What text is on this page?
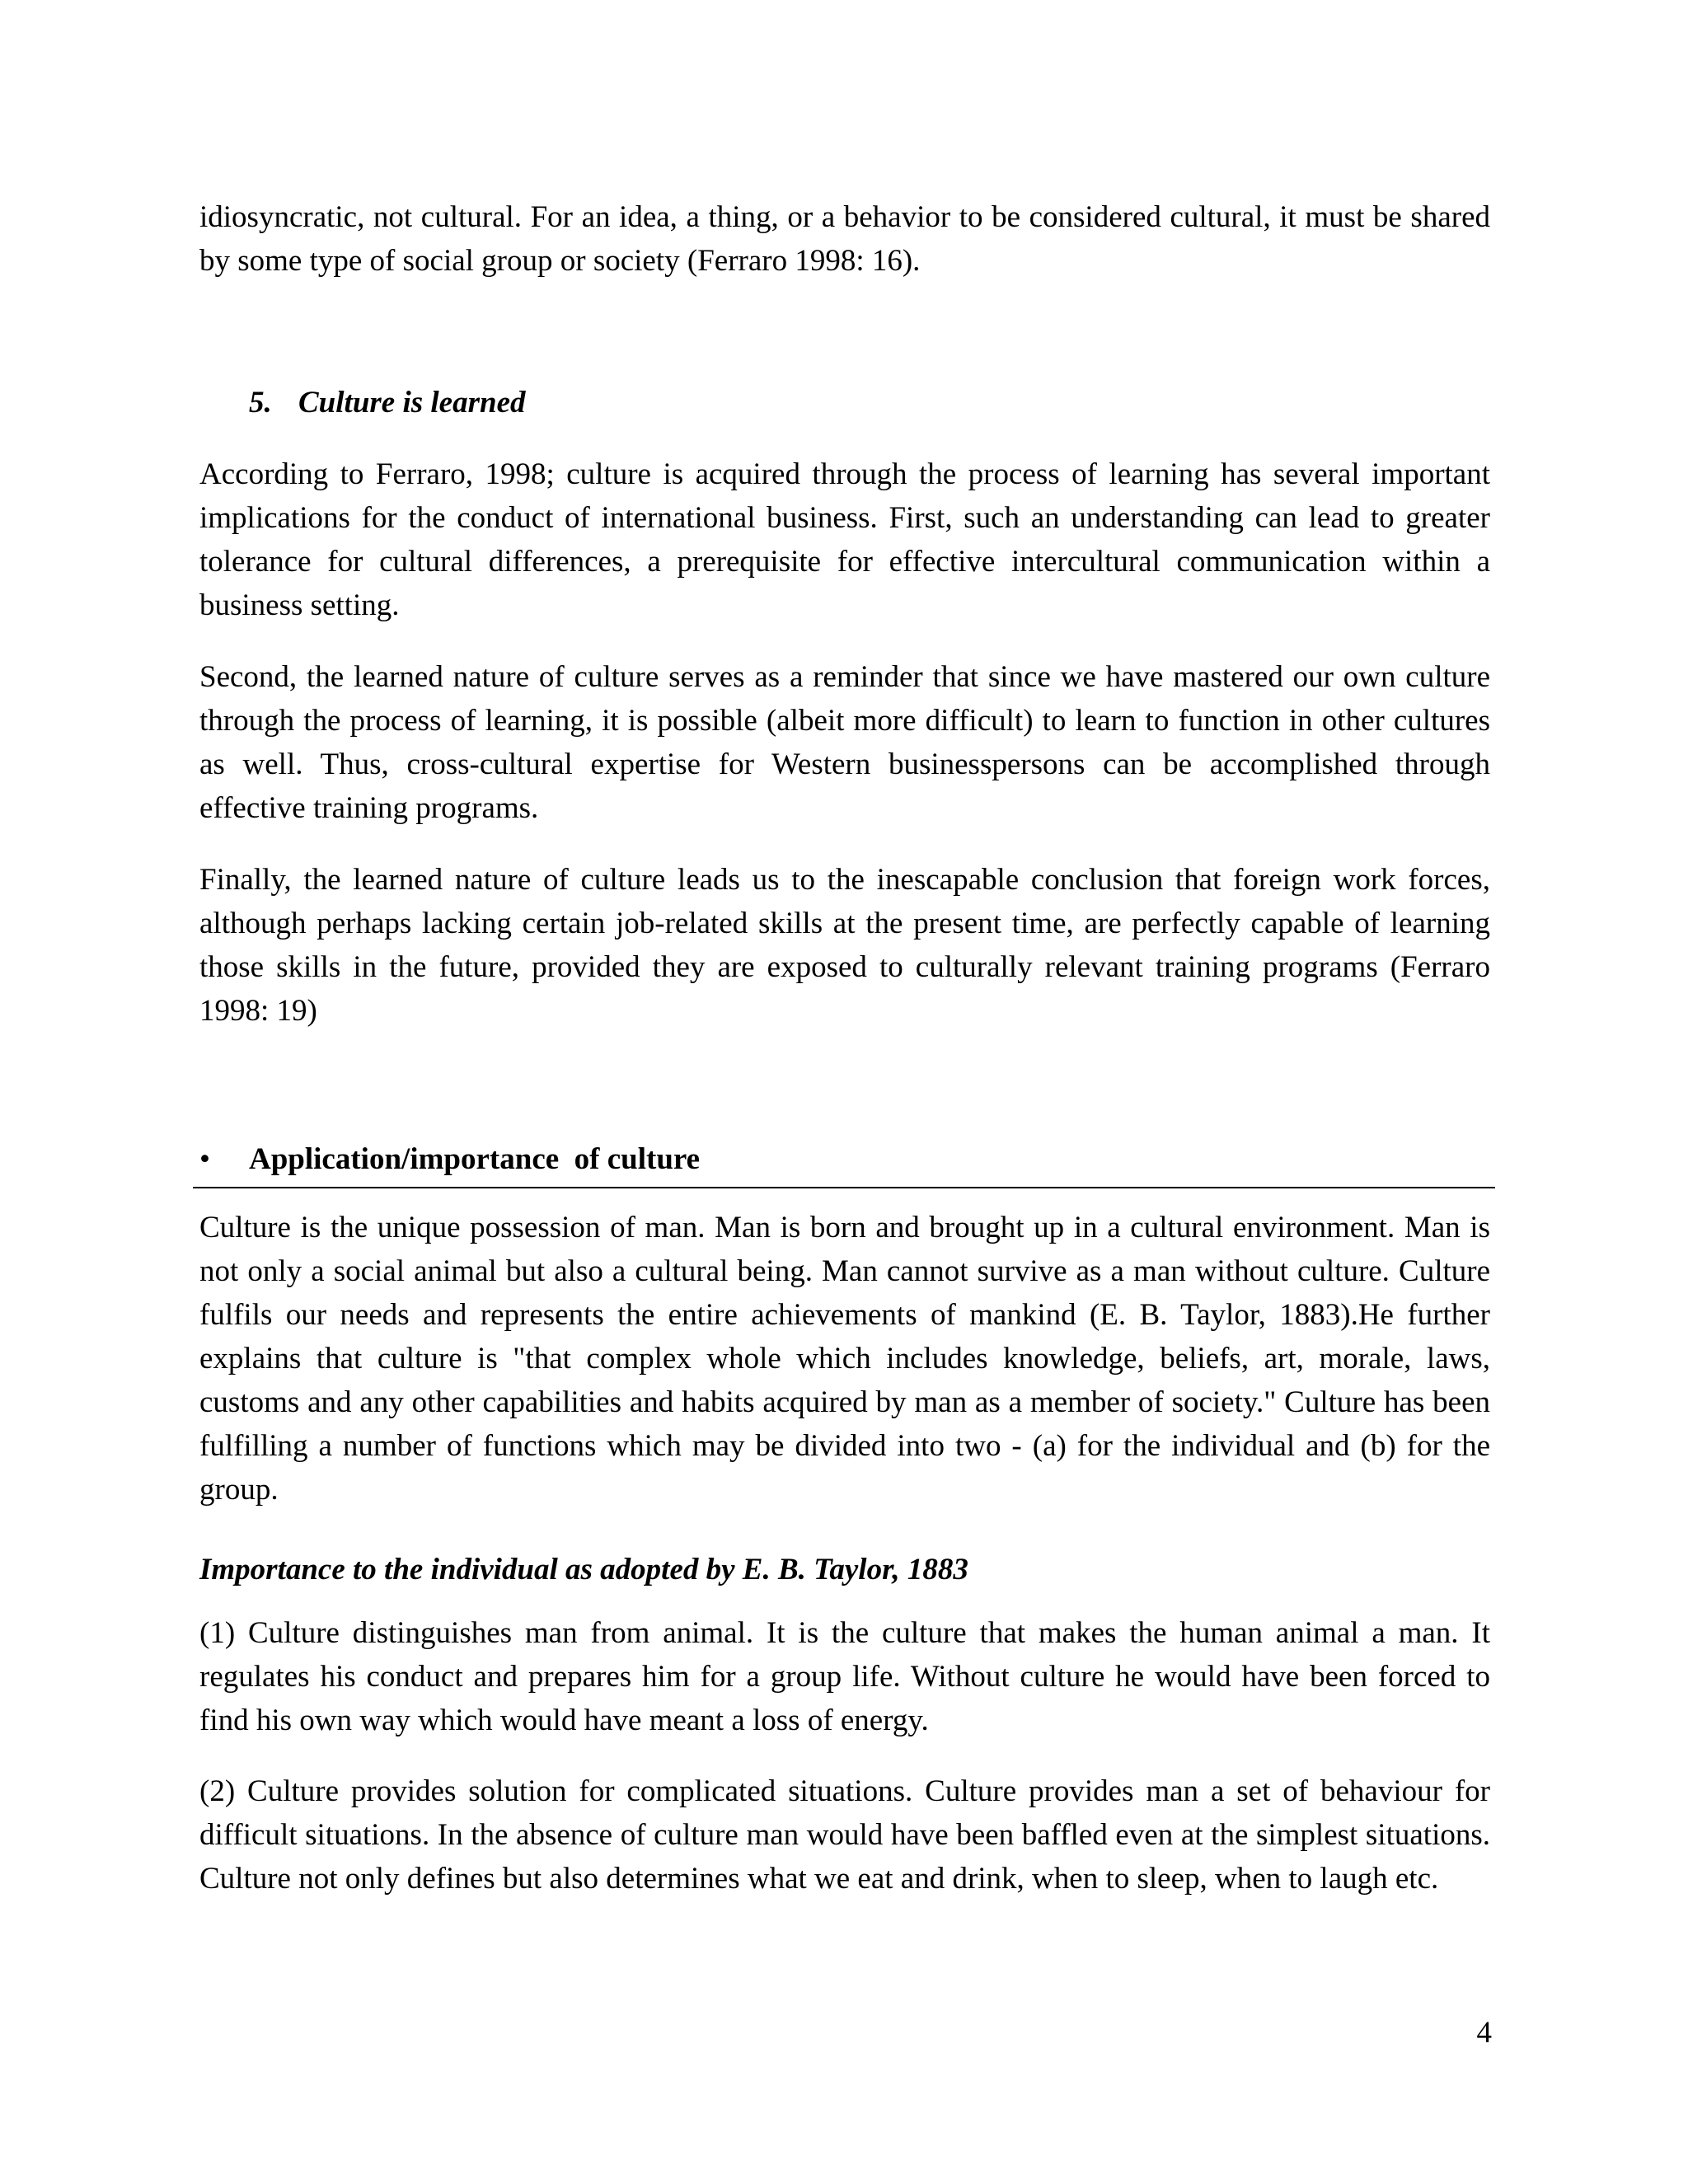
idiosyncratic, not cultural. For an idea, a thing, or a behavior to be considered cultural, it must be shared by some type of social group or society (Ferraro 1998: 16).

5. Culture is learned

According to Ferraro, 1998; culture is acquired through the process of learning has several important implications for the conduct of international business. First, such an understanding can lead to greater tolerance for cultural differences, a prerequisite for effective intercultural communication within a business setting.

Second, the learned nature of culture serves as a reminder that since we have mastered our own culture through the process of learning, it is possible (albeit more difficult) to learn to function in other cultures as well. Thus, cross-cultural expertise for Western businesspersons can be accomplished through effective training programs.

Finally, the learned nature of culture leads us to the inescapable conclusion that foreign work forces, although perhaps lacking certain job-related skills at the present time, are perfectly capable of learning those skills in the future, provided they are exposed to culturally relevant training programs (Ferraro 1998: 19)

• Application/importance  of culture

Culture is the unique possession of man. Man is born and brought up in a cultural environment. Man is not only a social animal but also a cultural being. Man cannot survive as a man without culture. Culture fulfils our needs and represents the entire achievements of mankind (E. B. Taylor, 1883).He further explains that culture is "that complex whole which includes knowledge, beliefs, art, morale, laws, customs and any other capabilities and habits acquired by man as a member of society." Culture has been fulfilling a number of functions which may be divided into two - (a) for the individual and (b) for the group.

Importance to the individual as adopted by E. B. Taylor, 1883

(1) Culture distinguishes man from animal. It is the culture that makes the human animal a man. It regulates his conduct and prepares him for a group life. Without culture he would have been forced to find his own way which would have meant a loss of energy.

(2) Culture provides solution for complicated situations. Culture provides man a set of behaviour for difficult situations. In the absence of culture man would have been baffled even at the simplest situations. Culture not only defines but also determines what we eat and drink, when to sleep, when to laugh etc.

4
